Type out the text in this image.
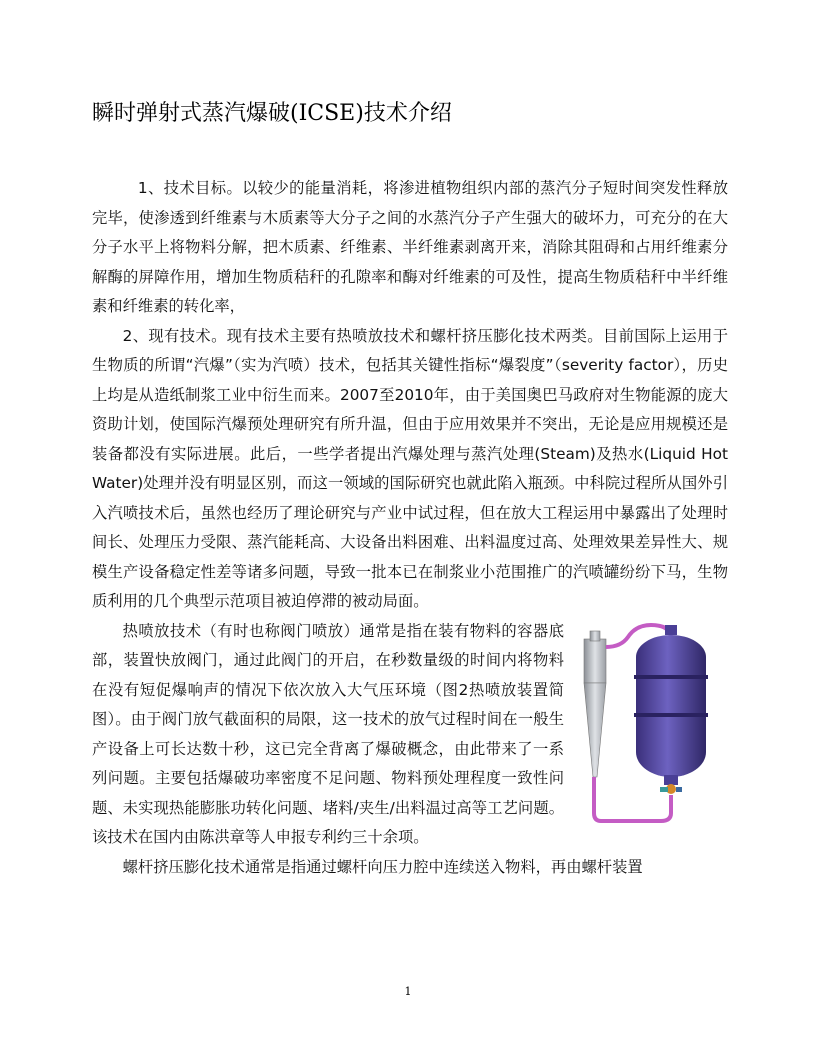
瞬时弹射式蒸汽爆破(ICSE)技术介绍

1、技术目标。以较少的能量消耗，将渗进植物组织内部的蒸汽分子短时间突发性释放完毕，使渗透到纤维素与木质素等大分子之间的水蒸汽分子产生强大的破坏力，可充分的在大分子水平上将物料分解，把木质素、纤维素、半纤维素剥离开来，消除其阻碍和占用纤维素分解酶的屏障作用，增加生物质秸秆的孔隙率和酶对纤维素的可及性，提高生物质秸秆中半纤维素和纤维素的转化率，

2、现有技术。现有技术主要有热喷放技术和螺杆挤压膨化技术两类。目前国际上运用于生物质的所谓“汽爆”（实为汽喷）技术，包括其关键性指标“爆裂度”（severity factor），历史上均是从造纸制浆工业中衍生而来。2007至2010年，由于美国奥巴马政府对生物能源的庞大资助计划，使国际汽爆预处理研究有所升温，但由于应用效果并不突出，无论是应用规模还是装备都没有实际进展。此后，一些学者提出汽爆处理与蒸汽处理(Steam)及热水(Liquid Hot Water)处理并没有明显区别，而这一领域的国际研究也就此陷入瓶颈。中科院过程所从国外引入汽喷技术后，虽然也经历了理论研究与产业中试过程，但在放大工程运用中暴露出了处理时间长、处理压力受限、蒸汽能耗高、大设备出料困难、出料温度过高、处理效果差异性大、规模生产设备稳定性差等诸多问题，导致一批本已在制浆业小范围推广的汽喷罐纷纷下马，生物质利用的几个典型示范项目被迫停滞的被动局面。

热喷放技术（有时也称阀门喷放）通常是指在装有物料的容器底部，装置快放阀门，通过此阀门的开启，在秒数量级的时间内将物料在没有短促爆响声的情况下依次放入大气压环境（图2热喷放装置简图）。由于阀门放气截面积的局限，这一技术的放气过程时间在一般生产设备上可长达数十秒，这已完全背离了爆破概念，由此带来了一系列问题。主要包括爆破功率密度不足问题、物料预处理程度一致性问题、未实现热能膨胀功转化问题、堵料/夹生/出料温过高等工艺问题。该技术在国内由陈洪章等人申报专利约三十余项。

螺杆挤压膨化技术通常是指通过螺杆向压力腔中连续送入物料，再由螺杆装置

1
